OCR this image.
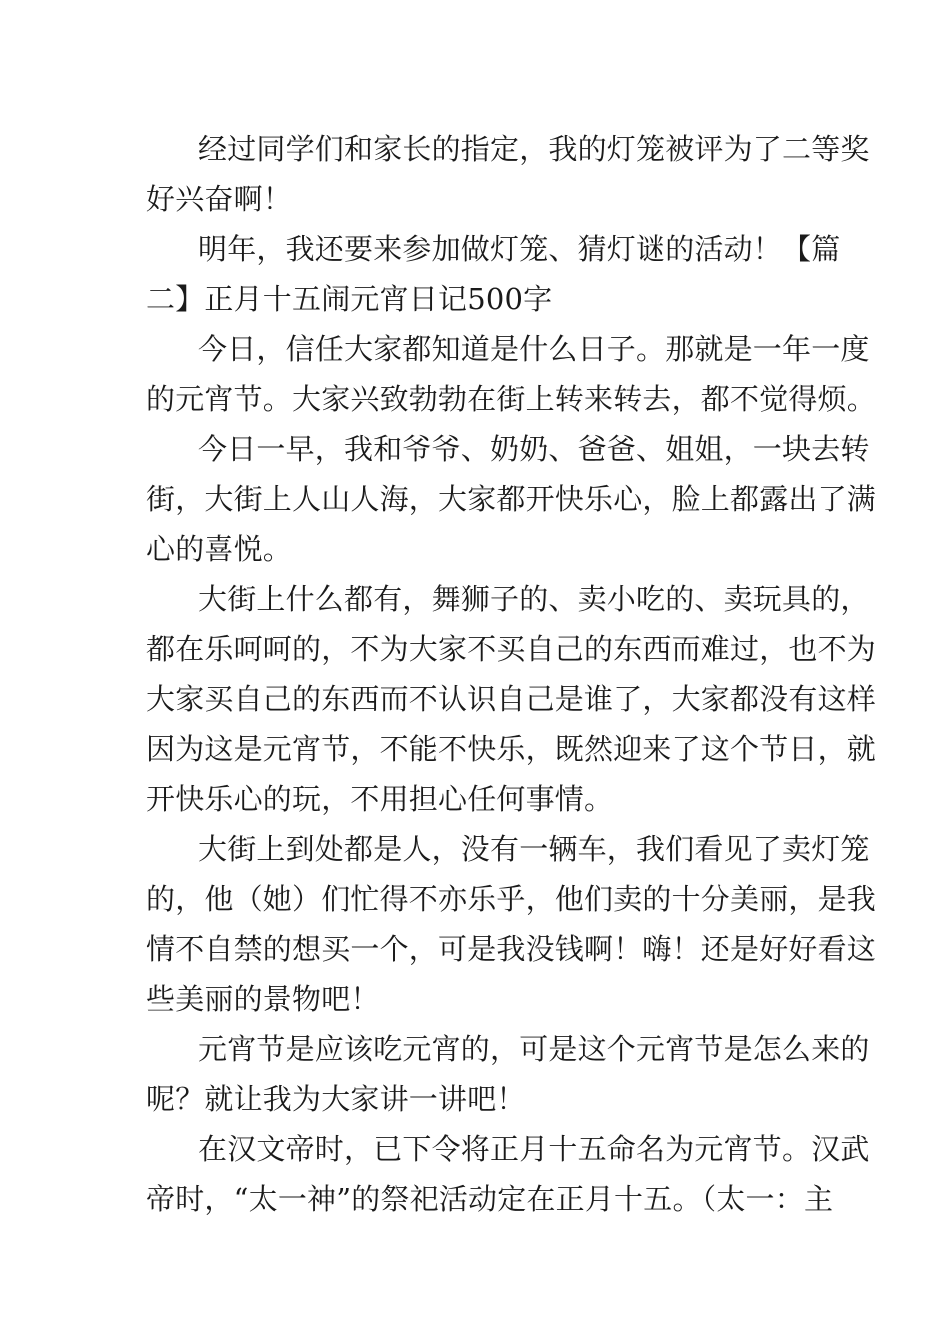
经过同学们和家长的指定，我的灯笼被评为了二等奖

好兴奋啊！

明年，我还要来参加做灯笼、猜灯谜的活动！【篇

二】正月十五闹元宵日记500字

今日，信任大家都知道是什么日子。那就是一年一度

的元宵节。大家兴致勃勃在街上转来转去，都不觉得烦。

今日一早，我和爷爷、奶奶、爸爸、姐姐，一块去转

街，大街上人山人海，大家都开快乐心，脸上都露出了满

心的喜悦。

大街上什么都有，舞狮子的、卖小吃的、卖玩具的，

都在乐呵呵的，不为大家不买自己的东西而难过，也不为

大家买自己的东西而不认识自己是谁了，大家都没有这样

因为这是元宵节，不能不快乐，既然迎来了这个节日，就

开快乐心的玩，不用担心任何事情。

大街上到处都是人，没有一辆车，我们看见了卖灯笼

的，他（她）们忙得不亦乐乎，他们卖的十分美丽，是我

情不自禁的想买一个，可是我没钱啊！嗨！还是好好看这

些美丽的景物吧！

元宵节是应该吃元宵的，可是这个元宵节是怎么来的

呢？就让我为大家讲一讲吧！

在汉文帝时，已下令将正月十五命名为元宵节。汉武

帝时，“太一神”的祭祀活动定在正月十五。（太一：主
